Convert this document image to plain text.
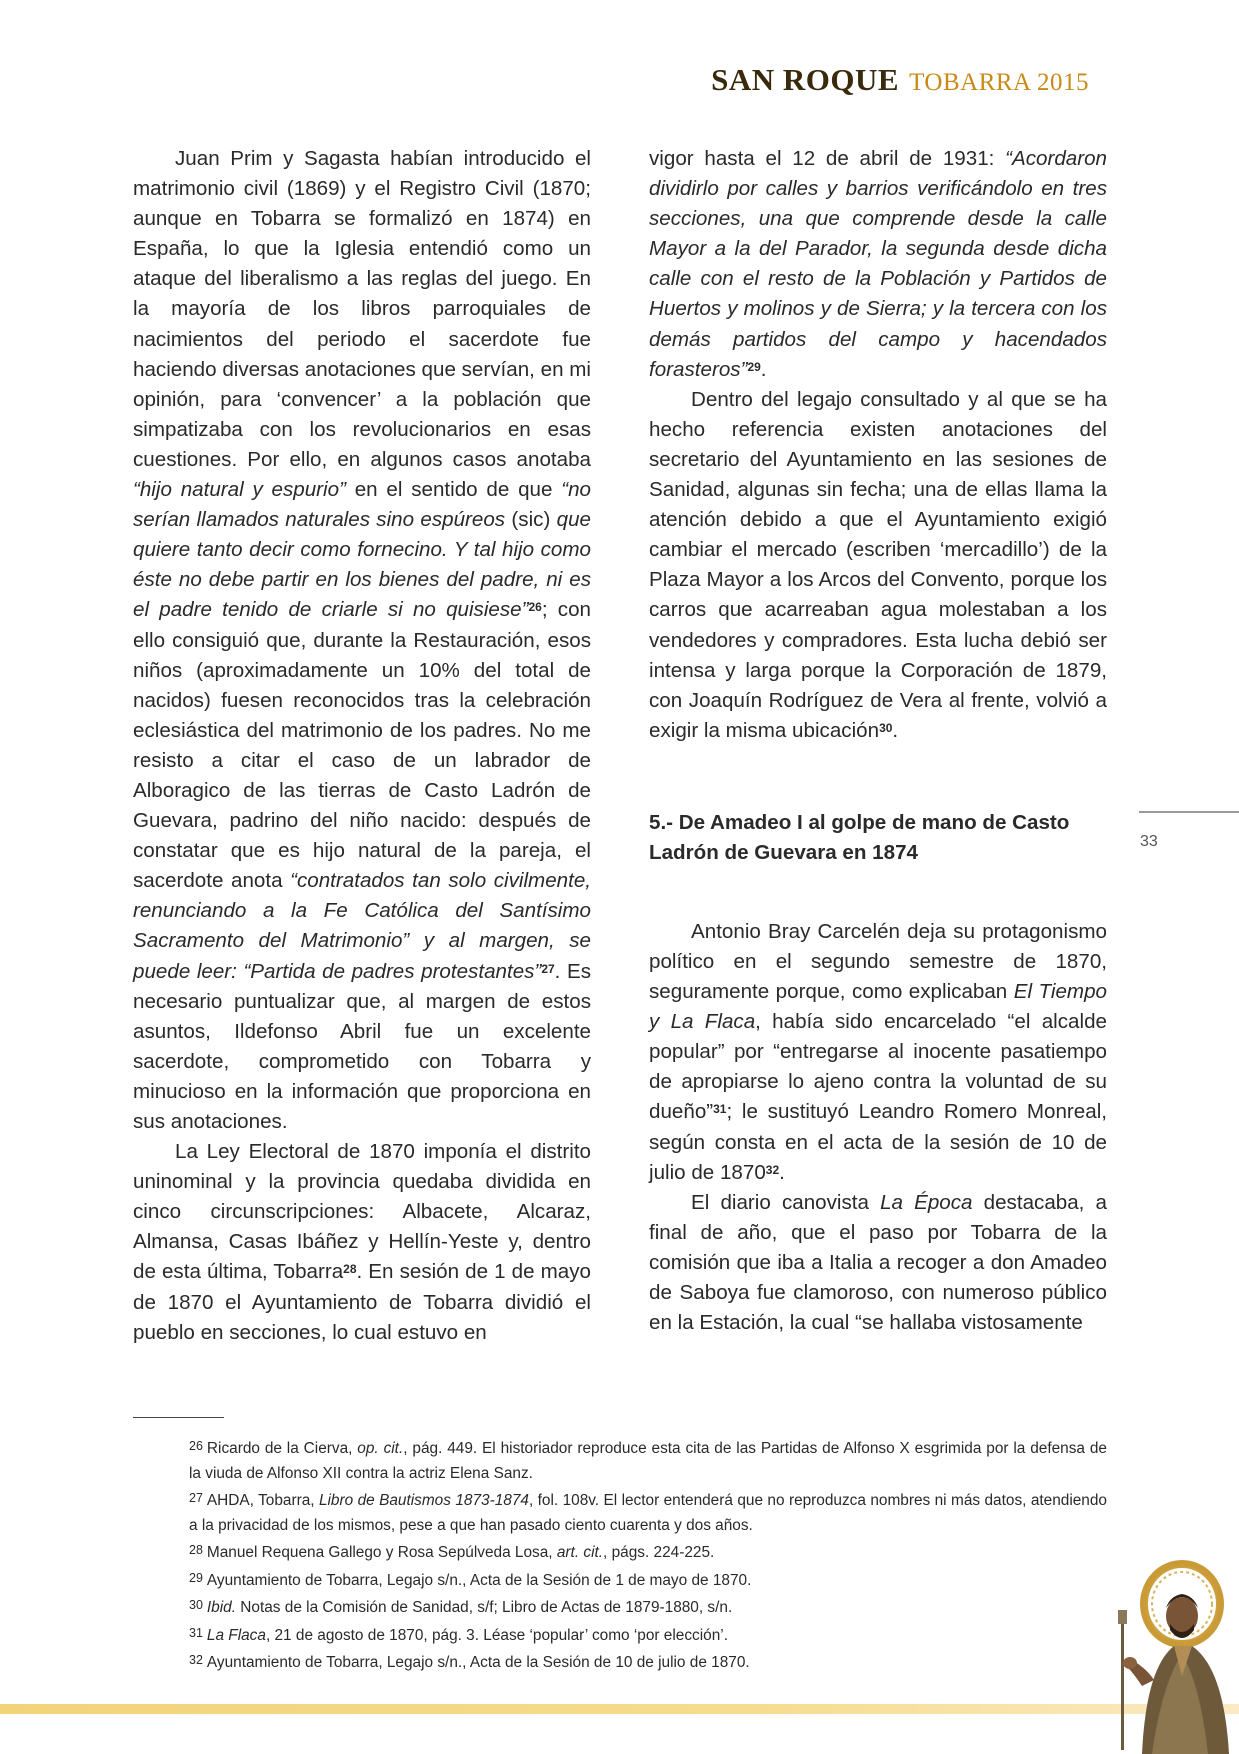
SAN ROQUE TOBARRA 2015

Juan Prim y Sagasta habían introducido el matrimonio civil (1869) y el Registro Civil (1870; aunque en Tobarra se formalizó en 1874) en España, lo que la Iglesia entendió como un ataque del liberalismo a las reglas del juego. En la mayoría de los libros parroquiales de nacimientos del periodo el sacerdote fue haciendo diversas anotaciones que servían, en mi opinión, para ‘convencer’ a la población que simpatizaba con los revolucionarios en esas cuestiones. Por ello, en algunos casos anotaba “hijo natural y espurio” en el sentido de que “no serían llamados naturales sino espúreos (sic) que quiere tanto decir como fornecino. Y tal hijo como éste no debe partir en los bienes del padre, ni es el padre tenido de criarle si no quisiese”$^{26}$; con ello consiguió que, durante la Restauración, esos niños (aproximadamente un 10% del total de nacidos) fuesen reconocidos tras la celebración eclesiástica del matrimonio de los padres. No me resisto a citar el caso de un labrador de Alboragico de las tierras de Casto Ladrón de Guevara, padrino del niño nacido: después de constatar que es hijo natural de la pareja, el sacerdote anota “contratados tan solo civilmente, renunciando a la Fe Católica del Santísimo Sacramento del Matrimonio” y al margen, se puede leer: “Partida de padres protestantes”$^{27}$. Es necesario puntualizar que, al margen de estos asuntos, Ildefonso Abril fue un excelente sacerdote, comprometido con Tobarra y minucioso en la información que proporciona en sus anotaciones.

La Ley Electoral de 1870 imponía el distrito uninominal y la provincia quedaba dividida en cinco circunscripciones: Albacete, Alcaraz, Almansa, Casas Ibáñez y Hellín-Yeste y, dentro de esta última, Tobarra$^{28}$. En sesión de 1 de mayo de 1870 el Ayuntamiento de Tobarra dividió el pueblo en secciones, lo cual estuvo en

vigor hasta el 12 de abril de 1931: “Acordaron dividirlo por calles y barrios verificándolo en tres secciones, una que comprende desde la calle Mayor a la del Parador, la segunda desde dicha calle con el resto de la Población y Partidos de Huertos y molinos y de Sierra; y la tercera con los demás partidos del campo y hacendados forasteros”$^{29}$.

Dentro del legajo consultado y al que se ha hecho referencia existen anotaciones del secretario del Ayuntamiento en las sesiones de Sanidad, algunas sin fecha; una de ellas llama la atención debido a que el Ayuntamiento exigió cambiar el mercado (escriben ‘mercadillo’) de la Plaza Mayor a los Arcos del Convento, porque los carros que acarreaban agua molestaban a los vendedores y compradores. Esta lucha debió ser intensa y larga porque la Corporación de 1879, con Joaquín Rodríguez de Vera al frente, volvió a exigir la misma ubicación$^{30}$.

5.- De Amadeo I al golpe de mano de Casto Ladrón de Guevara en 1874

Antonio Bray Carcelén deja su protagonismo político en el segundo semestre de 1870, seguramente porque, como explicaban El Tiempo y La Flaca, había sido encarcelado “el alcalde popular” por “entregarse al inocente pasatiempo de apropiarse lo ajeno contra la voluntad de su dueño”$^{31}$; le sustituyó Leandro Romero Monreal, según consta en el acta de la sesión de 10 de julio de 1870$^{32}$.

El diario canovista La Época destacaba, a final de año, que el paso por Tobarra de la comisión que iba a Italia a recoger a don Amadeo de Saboya fue clamoroso, con numeroso público en la Estación, la cual “se hallaba vistosamente

33

26 Ricardo de la Cierva, op. cit., pág. 449. El historiador reproduce esta cita de las Partidas de Alfonso X esgrimida por la defensa de la viuda de Alfonso XII contra la actriz Elena Sanz.

27 AHDA, Tobarra, Libro de Bautismos 1873-1874, fol. 108v. El lector entenderá que no reproduzca nombres ni más datos, atendiendo a la privacidad de los mismos, pese a que han pasado ciento cuarenta y dos años.

28 Manuel Requena Gallego y Rosa Sepúlveda Losa, art. cit., págs. 224-225.

29 Ayuntamiento de Tobarra, Legajo s/n., Acta de la Sesión de 1 de mayo de 1870.

30 Ibid. Notas de la Comisión de Sanidad, s/f; Libro de Actas de 1879-1880, s/n.

31 La Flaca, 21 de agosto de 1870, pág. 3. Léase ‘popular’ como ‘por elección’.

32 Ayuntamiento de Tobarra, Legajo s/n., Acta de la Sesión de 10 de julio de 1870.
